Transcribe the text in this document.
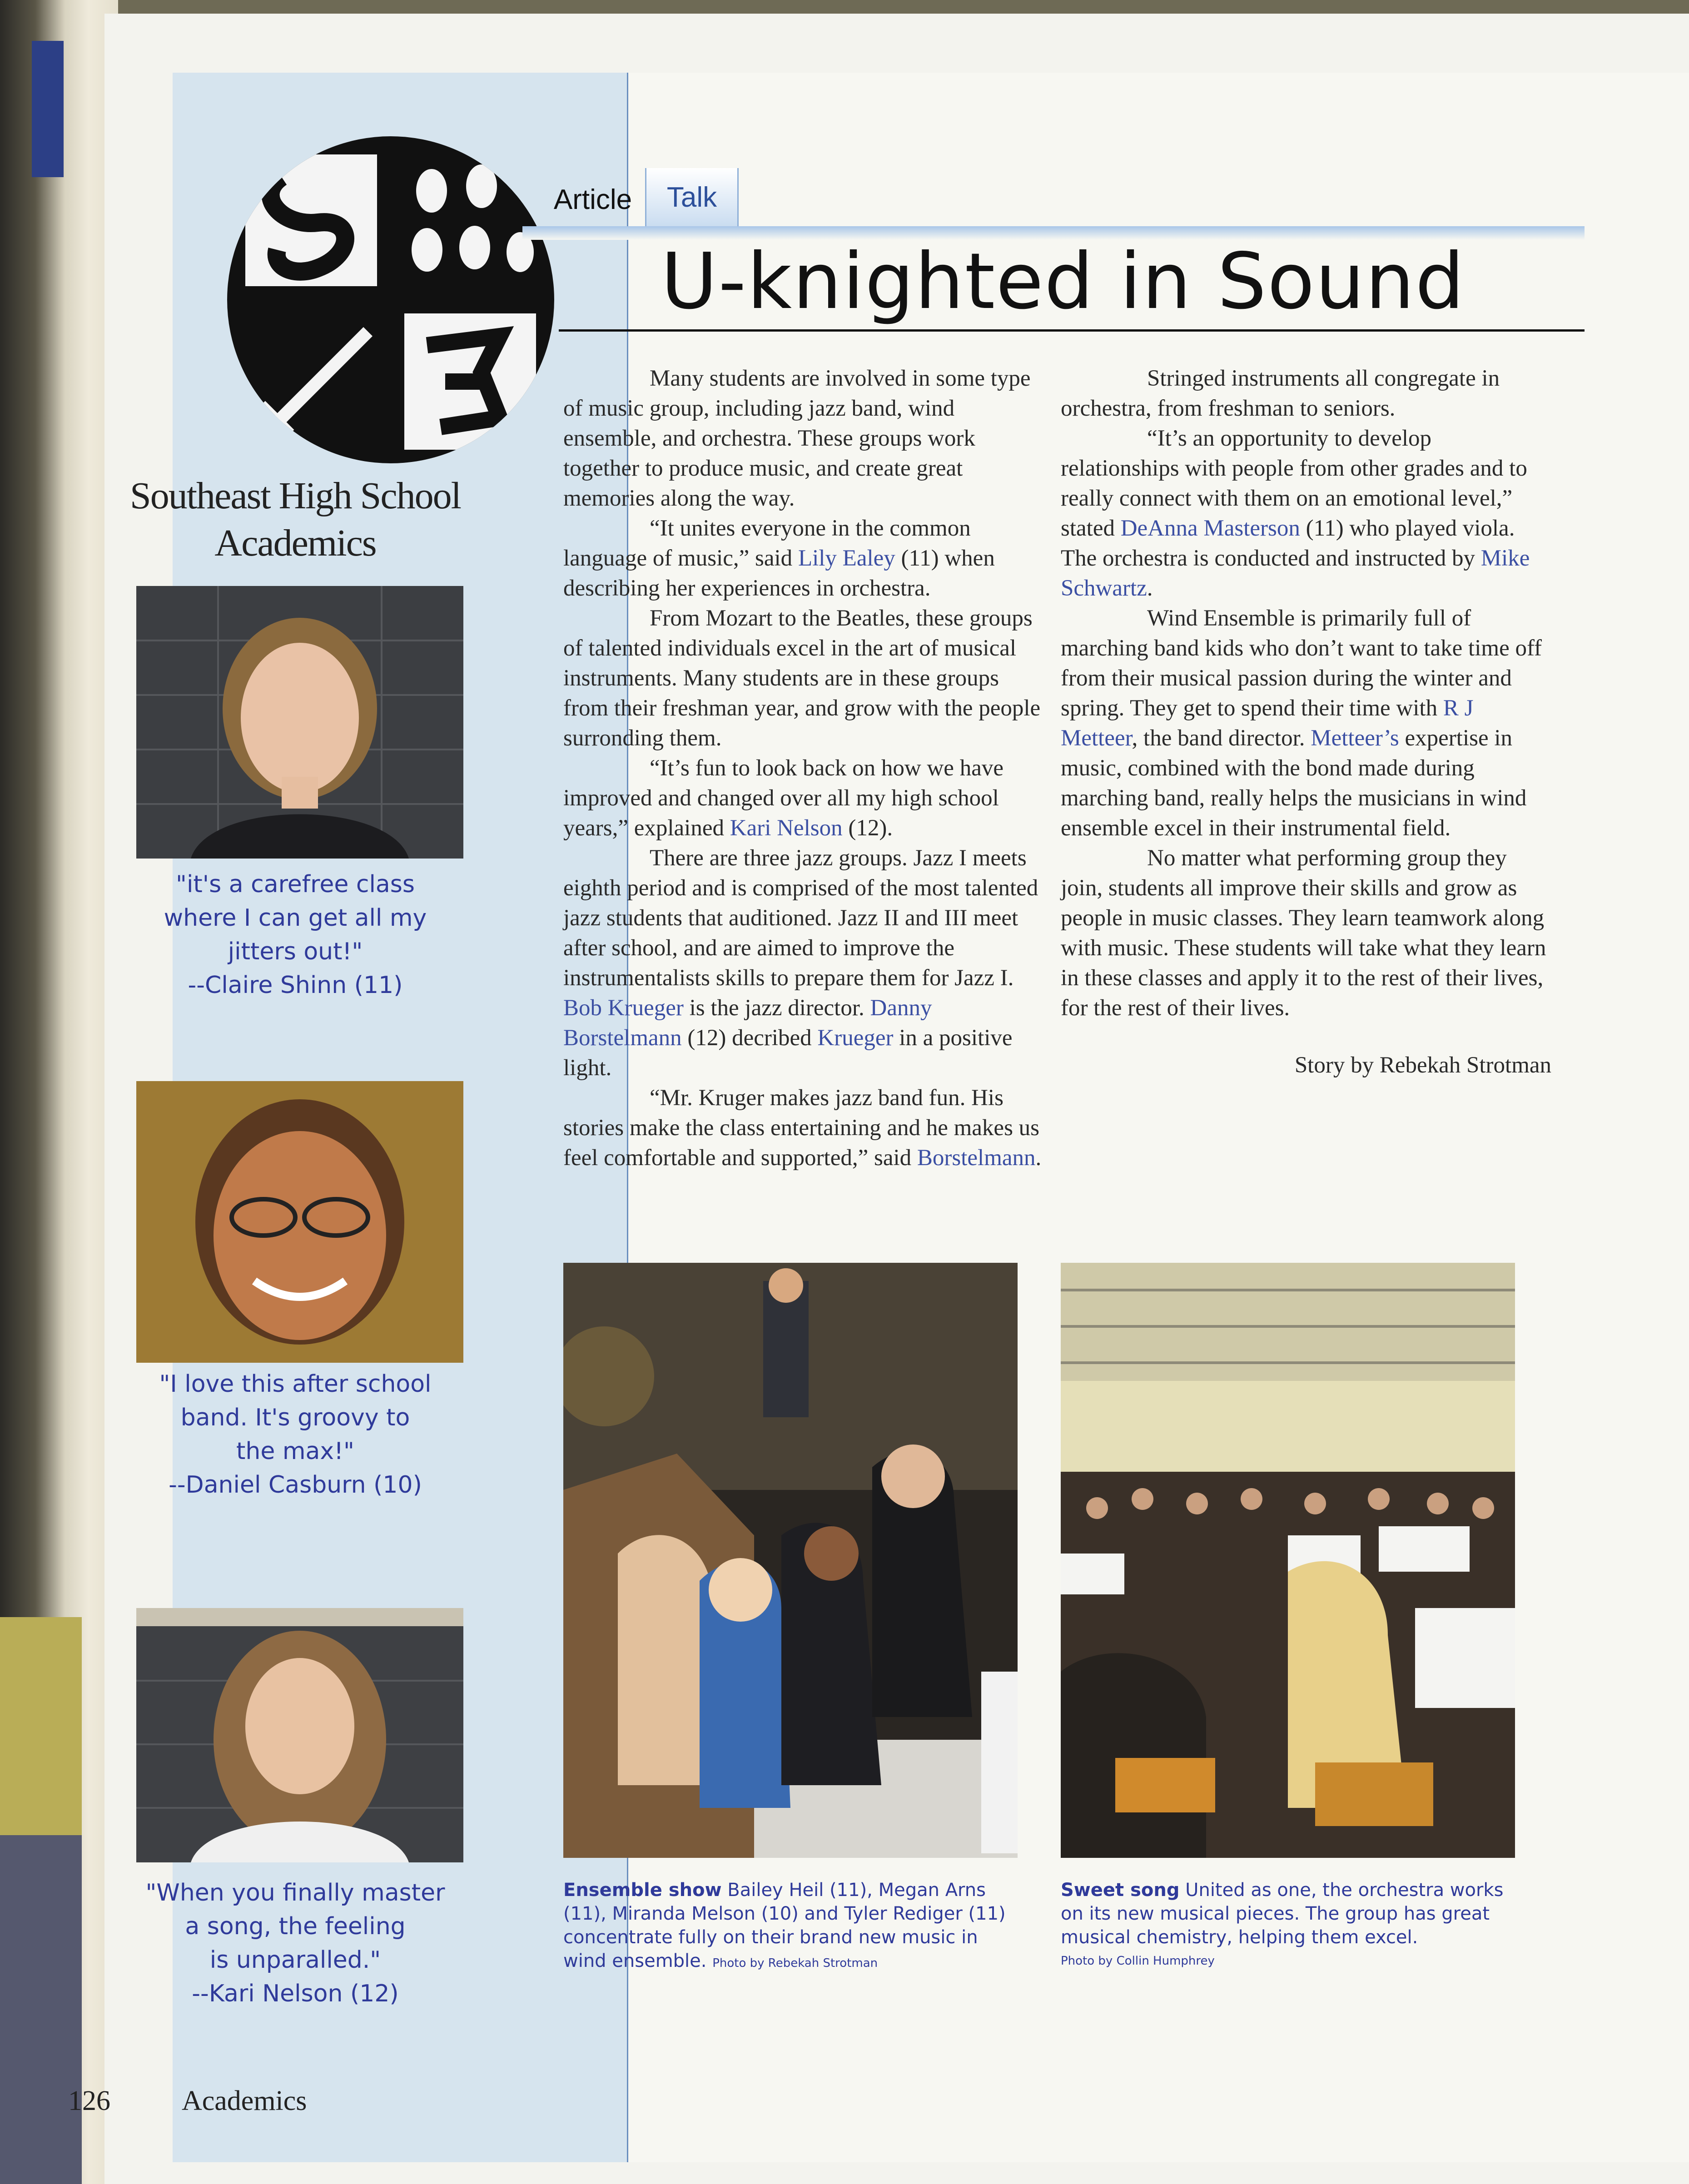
Southeast High School
Academics
"it's a carefree class
where I can get all my
jitters out!"
--Claire Shinn (11)
"I love this after school
band. It's groovy to
the max!"
--Daniel Casburn (10)
"When you finally master
a song, the feeling
is unparalled."
--Kari Nelson (12)
126	Academics
Article	Talk
U-knighted in Sound

Many students are involved in some type of music group, including jazz band, wind ensemble, and orchestra. These groups work together to produce music, and create great memories along the way.

“It unites everyone in the common language of music,” said Lily Ealey (11) when describing her experiences in orchestra.

From Mozart to the Beatles, these groups of talented individuals excel in the art of musical instruments. Many students are in these groups from their freshman year, and grow with the people surronding them.

“It’s fun to look back on how we have improved and changed over all my high school years,” explained Kari Nelson (12).

There are three jazz groups. Jazz I meets eighth period and is comprised of the most talented jazz students that auditioned. Jazz II and III meet after school, and are aimed to improve the instrumentalists skills to prepare them for Jazz I. Bob Krueger is the jazz director. Danny Borstelmann (12) decribed Krueger in a positive light.

“Mr. Kruger makes jazz band fun. His stories make the class entertaining and he makes us feel comfortable and supported,” said Borstelmann.

Stringed instruments all congregate in orchestra, from freshman to seniors.

“It’s an opportunity to develop relationships with people from other grades and to really connect with them on an emotional level,” stated DeAnna Masterson (11) who played viola. The orchestra is conducted and instructed by Mike Schwartz.

Wind Ensemble is primarily full of marching band kids who don’t want to take time off from their musical passion during the winter and spring. They get to spend their time with R J Metteer, the band director. Metteer’s expertise in music, combined with the bond made during marching band, really helps the musicians in wind ensemble excel in their instrumental field.

No matter what performing group they join, students all improve their skills and grow as people in music classes. They learn teamwork along with music. These students will take what they learn in these classes and apply it to the rest of their lives, for the rest of their lives.

Story by Rebekah Strotman

Ensemble show Bailey Heil (11), Megan Arns (11), Miranda Melson (10) and Tyler Rediger (11) concentrate fully on their brand new music in wind ensemble. Photo by Rebekah Strotman
Sweet song United as one, the orchestra works on its new musical pieces. The group has great musical chemistry, helping them excel.
Photo by Collin Humphrey
